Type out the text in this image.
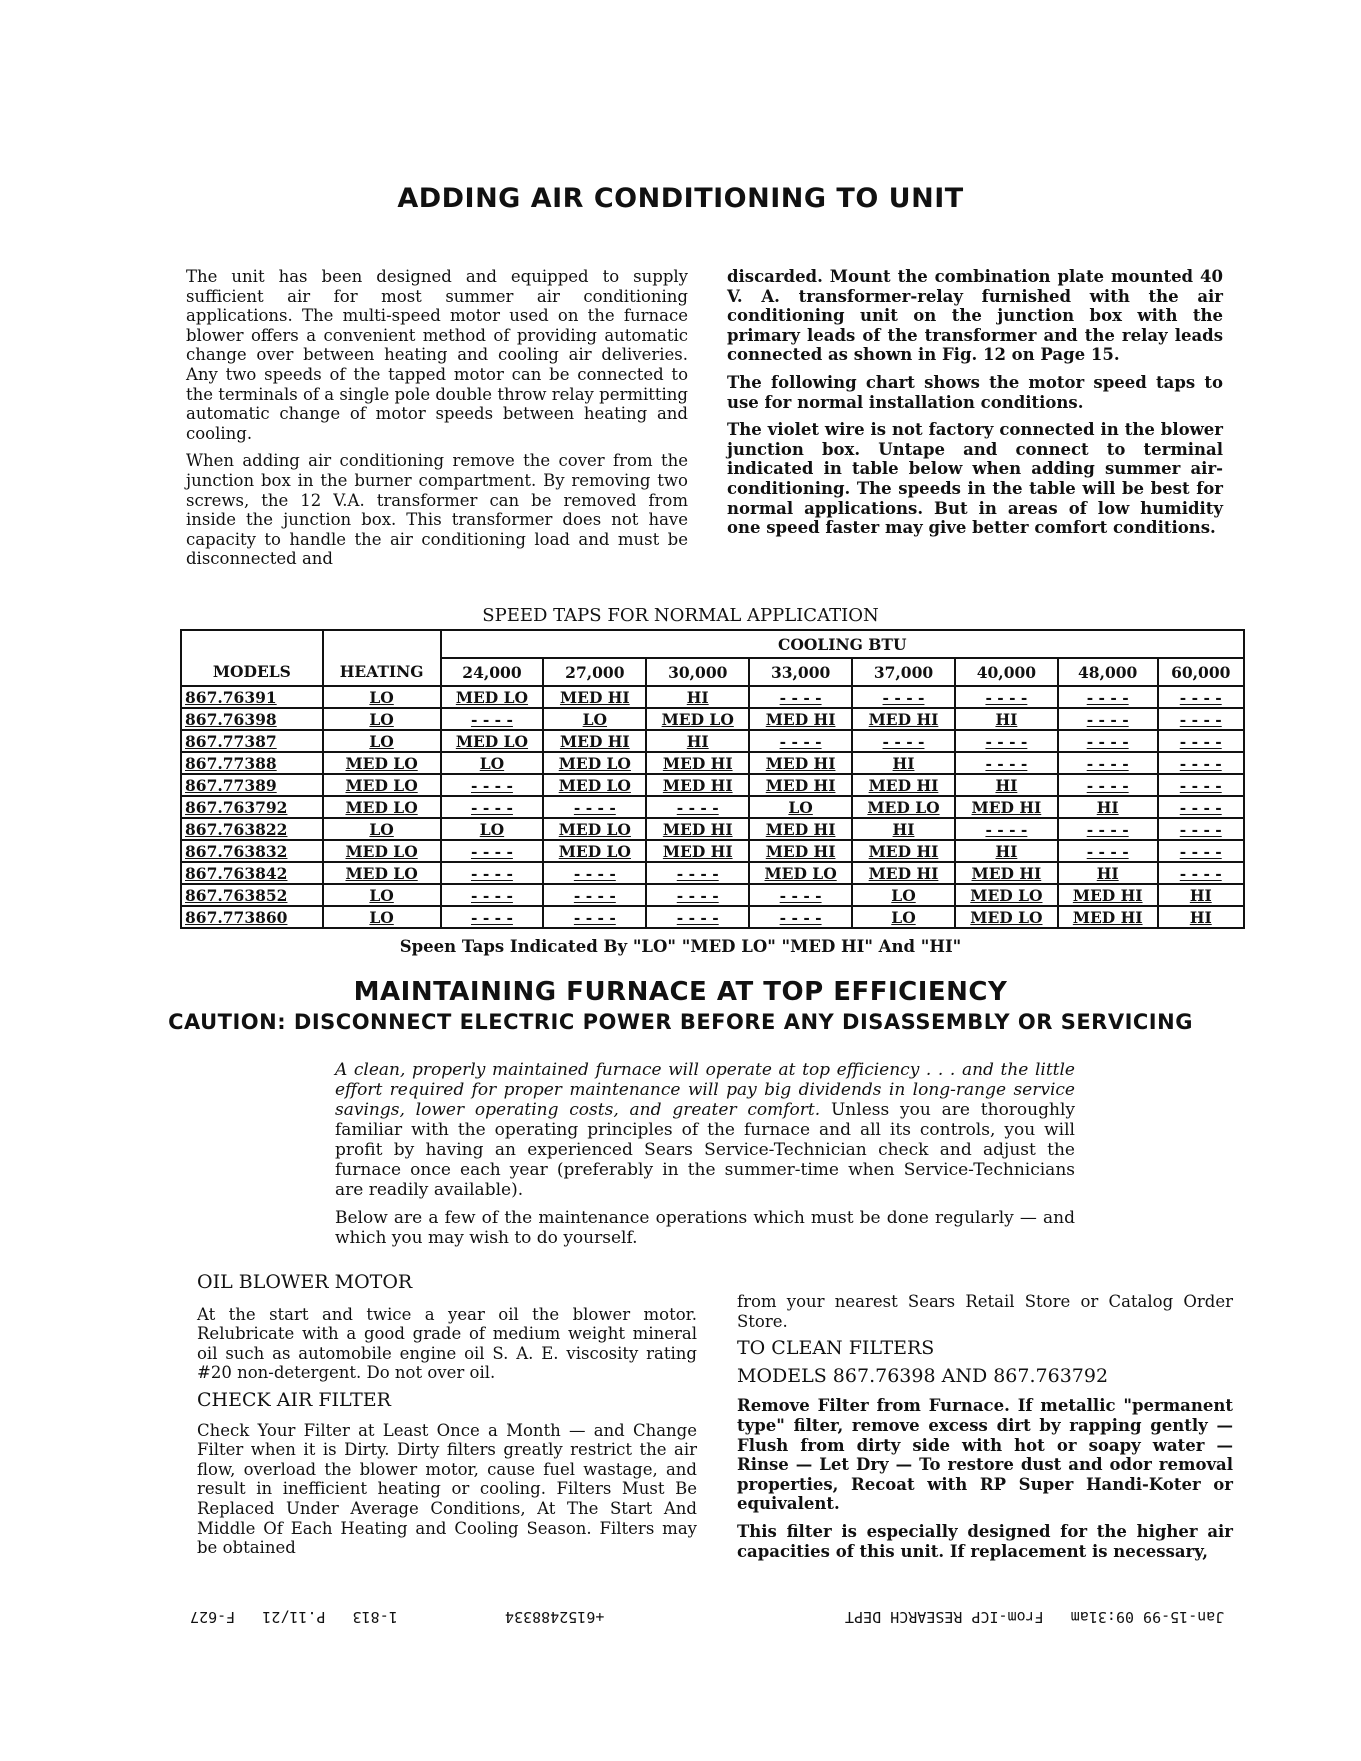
ADDING AIR CONDITIONING TO UNIT

The unit has been designed and equipped to supply sufficient air for most summer air conditioning applications. The multi-speed motor used on the furnace blower offers a convenient method of providing automatic change over between heating and cooling air deliveries. Any two speeds of the tapped motor can be connected to the terminals of a single pole double throw relay permitting automatic change of motor speeds between heating and cooling.

When adding air conditioning remove the cover from the junction box in the burner compartment. By removing two screws, the 12 V.A. transformer can be removed from inside the junction box. This transformer does not have capacity to handle the air conditioning load and must be disconnected and

discarded. Mount the combination plate mounted 40 V. A. transformer-relay furnished with the air conditioning unit on the junction box with the primary leads of the transformer and the relay leads connected as shown in Fig. 12 on Page 15.

The following chart shows the motor speed taps to use for normal installation conditions.

The violet wire is not factory connected in the blower junction box. Untape and connect to terminal indicated in table below when adding summer air-conditioning. The speeds in the table will be best for normal applications. But in areas of low humidity one speed faster may give better comfort conditions.

SPEED TAPS FOR NORMAL APPLICATION
		COOLING BTU							
MODELS	HEATING	24,000	27,000	30,000	33,000	37,000	40,000	48,000	60,000
867.76391	LO	MED LO	MED HI	HI	- - - -	- - - -	- - - -	- - - -	- - - -
867.76398	LO	- - - -	LO	MED LO	MED HI	MED HI	HI	- - - -	- - - -
867.77387	LO	MED LO	MED HI	HI	- - - -	- - - -	- - - -	- - - -	- - - -
867.77388	MED LO	LO	MED LO	MED HI	MED HI	HI	- - - -	- - - -	- - - -
867.77389	MED LO	- - - -	MED LO	MED HI	MED HI	MED HI	HI	- - - -	- - - -
867.763792	MED LO	- - - -	- - - -	- - - -	LO	MED LO	MED HI	HI	- - - -
867.763822	LO	LO	MED LO	MED HI	MED HI	HI	- - - -	- - - -	- - - -
867.763832	MED LO	- - - -	MED LO	MED HI	MED HI	MED HI	HI	- - - -	- - - -
867.763842	MED LO	- - - -	- - - -	- - - -	MED LO	MED HI	MED HI	HI	- - - -
867.763852	LO	- - - -	- - - -	- - - -	- - - -	LO	MED LO	MED HI	HI
867.773860	LO	- - - -	- - - -	- - - -	- - - -	LO	MED LO	MED HI	HI
Speen Taps Indicated By "LO" "MED LO" "MED HI" And "HI"
MAINTAINING FURNACE AT TOP EFFICIENCY
CAUTION: DISCONNECT ELECTRIC POWER BEFORE ANY DISASSEMBLY OR SERVICING

A clean, properly maintained furnace will operate at top efficiency . . . and the little effort required for proper maintenance will pay big dividends in long-range service savings, lower operating costs, and greater comfort. Unless you are thoroughly familiar with the operating principles of the furnace and all its controls, you will profit by having an experienced Sears Service-Technician check and adjust the furnace once each year (preferably in the summer-time when Service-Technicians are readily available).

Below are a few of the maintenance operations which must be done regularly — and which you may wish to do yourself.

OIL BLOWER MOTOR

At the start and twice a year oil the blower motor. Relubricate with a good grade of medium weight mineral oil such as automobile engine oil S. A. E. viscosity rating #20 non-detergent. Do not over oil.

CHECK AIR FILTER

Check Your Filter at Least Once a Month — and Change Filter when it is Dirty. Dirty filters greatly restrict the air flow, overload the blower motor, cause fuel wastage, and result in inefficient heating or cooling. Filters Must Be Replaced Under Average Conditions, At The Start And Middle Of Each Heating and Cooling Season. Filters may be obtained

from your nearest Sears Retail Store or Catalog Order Store.

TO CLEAN FILTERS

MODELS 867.76398 AND 867.763792

Remove Filter from Furnace. If metallic "permanent type" filter, remove excess dirt by rapping gently — Flush from dirty side with hot or soapy water — Rinse — Let Dry — To restore dust and odor removal properties, Recoat with RP Super Handi-Koter or equivalent.

This filter is especially designed for the higher air capacities of this unit. If replacement is necessary,

1-813   P.11/21   F-627	+6152488334	Jan-15-99 09:31am   From-ICP RESEARCH DEPT
